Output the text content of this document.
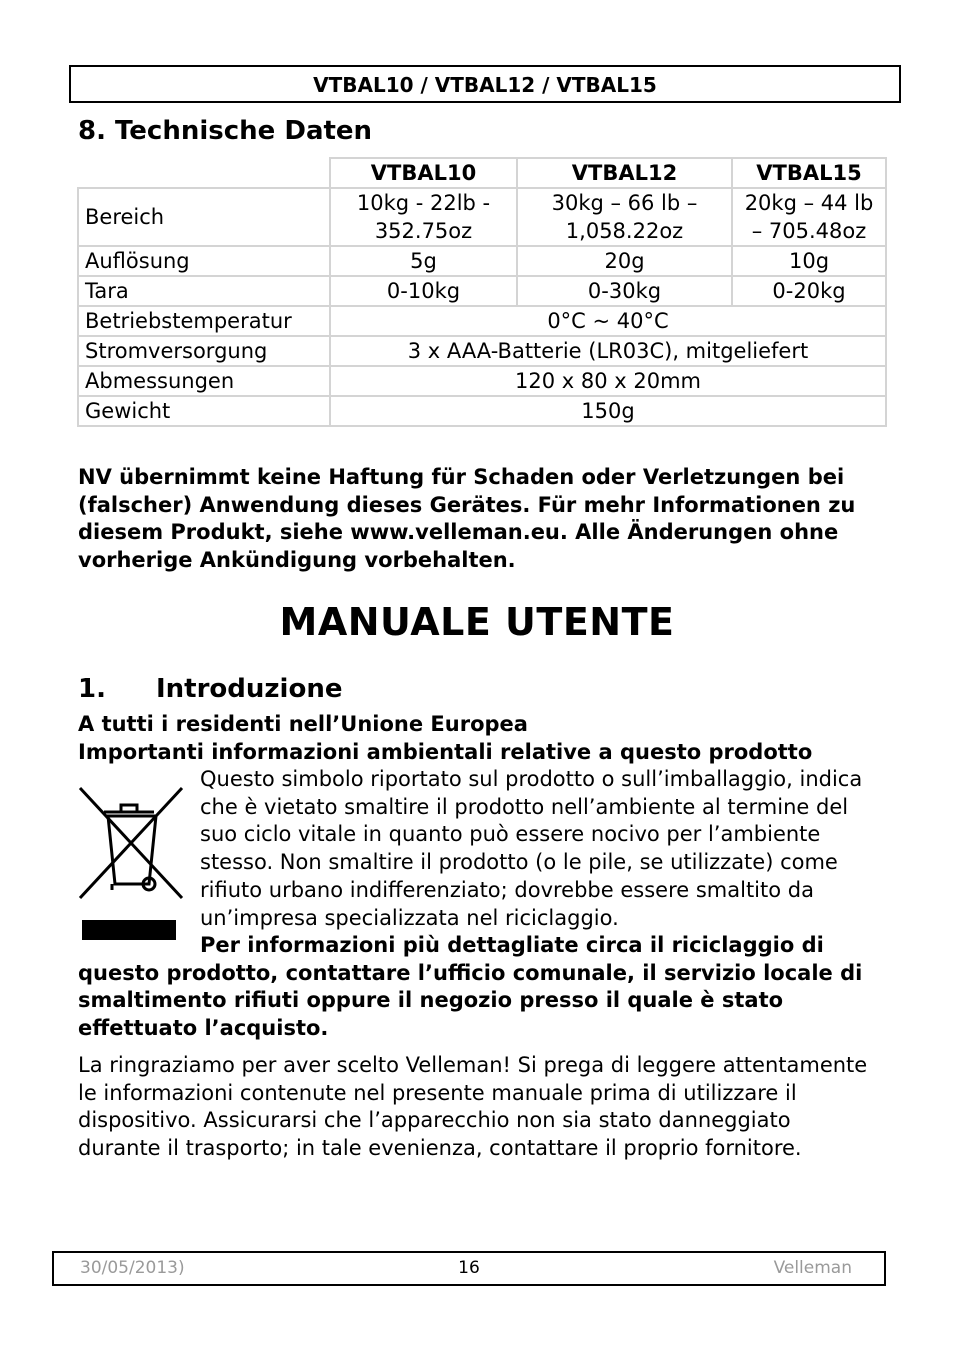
VTBAL10 / VTBAL12 / VTBAL15
8. Technische Daten
	VTBAL10	VTBAL12	VTBAL15
Bereich	10kg - 22lb - 352.75oz	30kg – 66 lb – 1,058.22oz	20kg – 44 lb – 705.48oz
Auflösung	5g	20g	10g
Tara	0-10kg	0-30kg	0-20kg
Betriebstemperatur	0°C ~ 40°C		
Stromversorgung	3 x AAA-Batterie (LR03C), mitgeliefert		
Abmessungen	120 x 80 x 20mm		
Gewicht	150g		
NV übernimmt keine Haftung für Schaden oder Verletzungen bei (falscher) Anwendung dieses Gerätes. Für mehr Informationen zu diesem Produkt, siehe www.velleman.eu. Alle Änderungen ohne vorherige Ankündigung vorbehalten.
MANUALE UTENTE
1. Introduzione
A tutti i residenti nell’Unione Europea
Importanti informazioni ambientali relative a questo prodotto
Questo simbolo riportato sul prodotto o sull’imballaggio, indica che è vietato smaltire il prodotto nell’ambiente al termine del suo ciclo vitale in quanto può essere nocivo per l’ambiente stesso. Non smaltire il prodotto (o le pile, se utilizzate) come rifiuto urbano indifferenziato; dovrebbe essere smaltito da un’impresa specializzata nel riciclaggio.
Per informazioni più dettagliate circa il riciclaggio di questo prodotto, contattare l’ufficio comunale, il servizio locale di smaltimento rifiuti oppure il negozio presso il quale è stato effettuato l’acquisto.
La ringraziamo per aver scelto Velleman! Si prega di leggere attentamente le informazioni contenute nel presente manuale prima di utilizzare il dispositivo. Assicurarsi che l’apparecchio non sia stato danneggiato durante il trasporto; in tale evenienza, contattare il proprio fornitore.
30/05/2013)	16	Velleman
